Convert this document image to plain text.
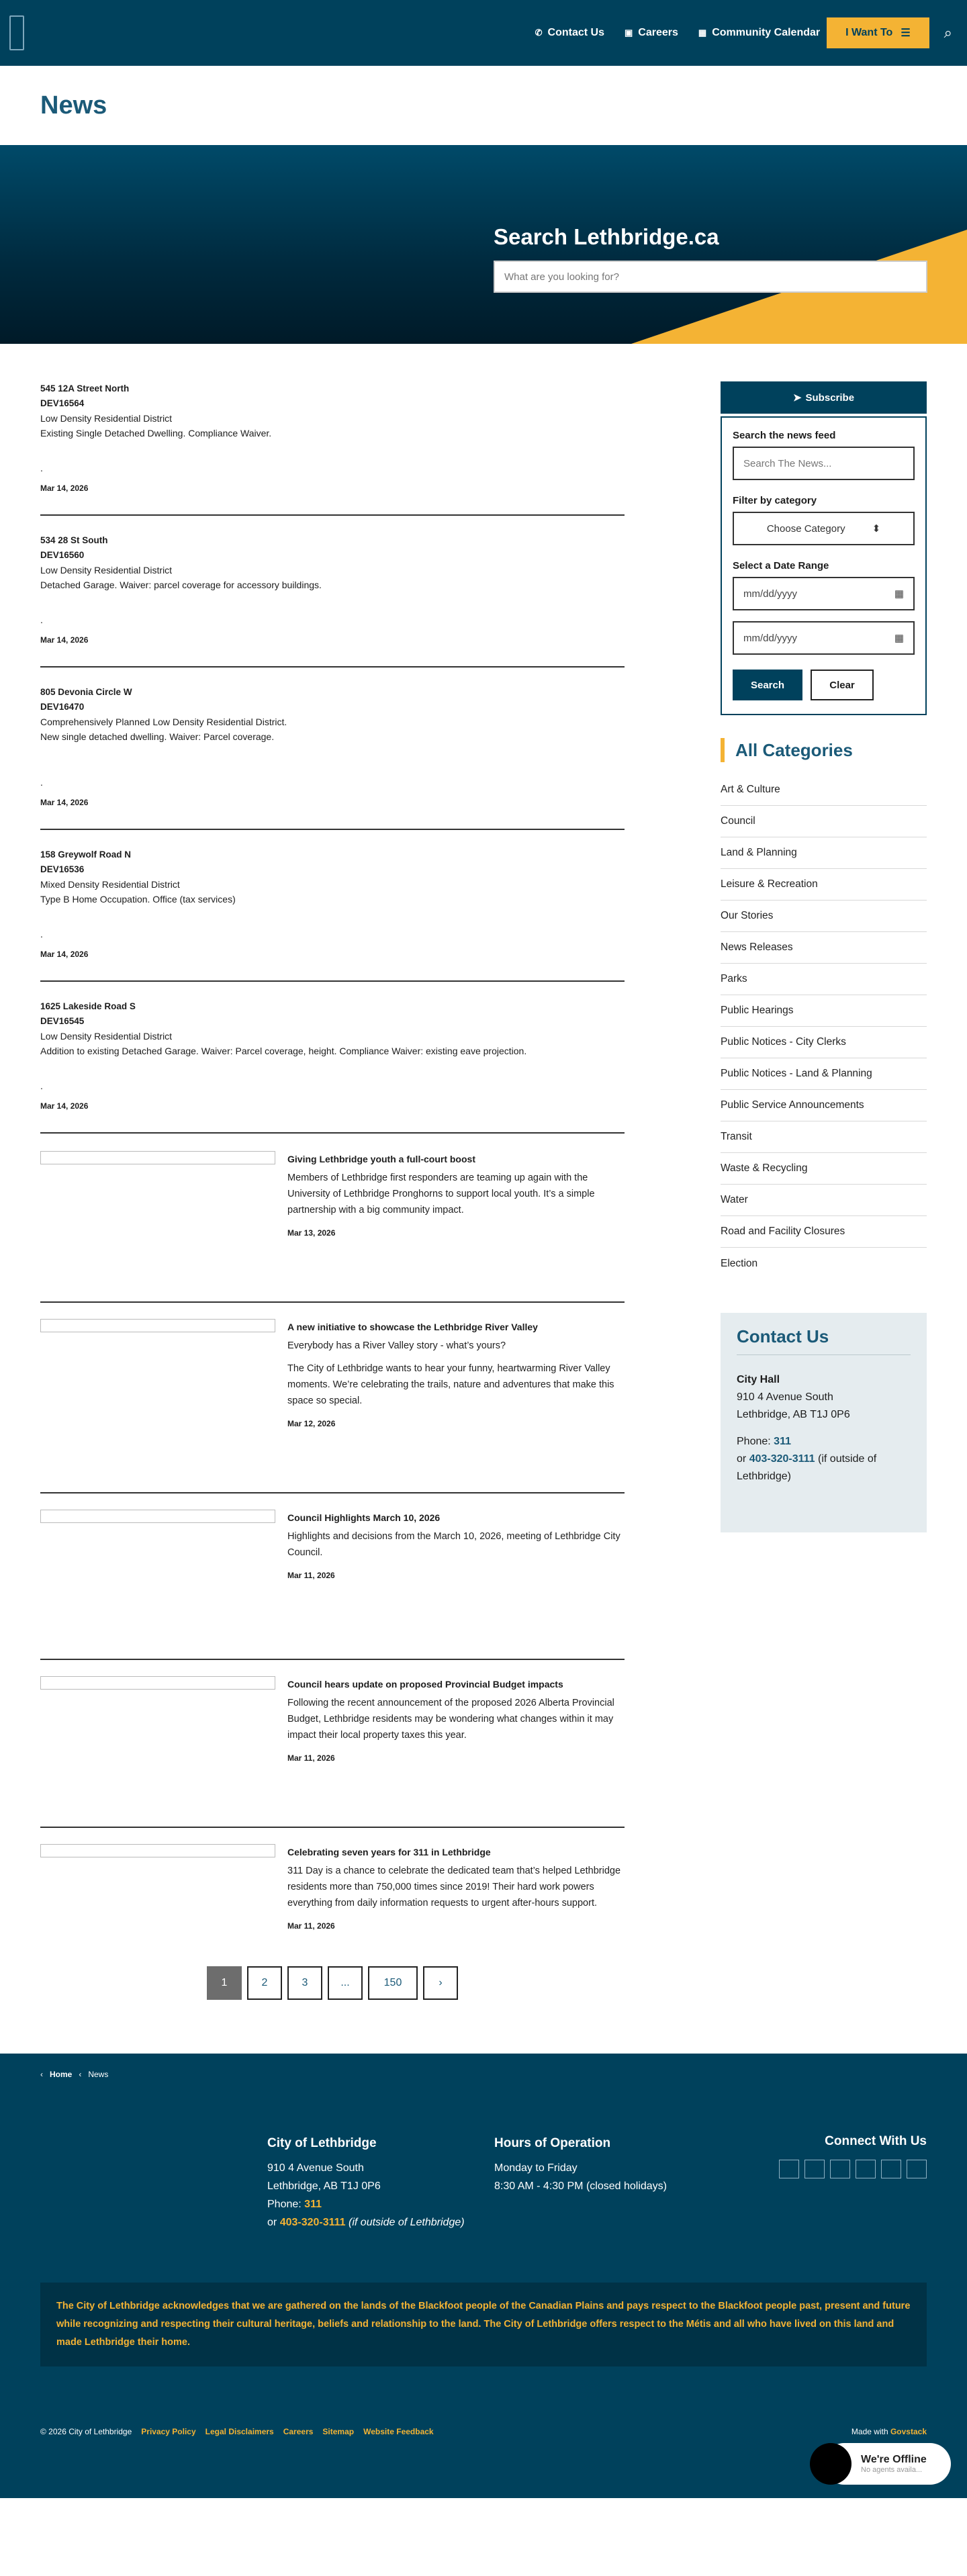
✆ Contact Us ▣ Careers ▦ Community Calendar I Want To ☰ ⌕
News
Search Lethbridge.ca
What are you looking for?
545 12A Street North
DEV16564
Low Density Residential District
Existing Single Detached Dwelling. Compliance Waiver.
.
Mar 14, 2026
534 28 St South
DEV16560
Low Density Residential District
Detached Garage. Waiver: parcel coverage for accessory buildings.
.
Mar 14, 2026
805 Devonia Circle W
DEV16470
Comprehensively Planned Low Density Residential District.
New single detached dwelling. Waiver: Parcel coverage.
.
Mar 14, 2026
158 Greywolf Road N
DEV16536
Mixed Density Residential District
Type B Home Occupation. Office (tax services)
.
Mar 14, 2026
1625 Lakeside Road S
DEV16545
Low Density Residential District
Addition to existing Detached Garage. Waiver: Parcel coverage, height. Compliance Waiver: existing eave projection.
.
Mar 14, 2026
Giving Lethbridge youth a full-court boost
Members of Lethbridge first responders are teaming up again with the University of Lethbridge Pronghorns to support local youth. It’s a simple partnership with a big community impact.
Mar 13, 2026
A new initiative to showcase the Lethbridge River Valley
Everybody has a River Valley story - what’s yours?
The City of Lethbridge wants to hear your funny, heartwarming River Valley moments. We’re celebrating the trails, nature and adventures that make this space so special.
Mar 12, 2026
Council Highlights March 10, 2026
Highlights and decisions from the March 10, 2026, meeting of Lethbridge City Council.
Mar 11, 2026
Council hears update on proposed Provincial Budget impacts
Following the recent announcement of the proposed 2026 Alberta Provincial Budget, Lethbridge residents may be wondering what changes within it may impact their local property taxes this year.
Mar 11, 2026
Celebrating seven years for 311 in Lethbridge
311 Day is a chance to celebrate the dedicated team that’s helped Lethbridge residents more than 750,000 times since 2019! Their hard work powers everything from daily information requests to urgent after-hours support.
Mar 11, 2026
1	2	3	...	150	›
➤ Subscribe
Search the news feed
Search The News...
Filter by category
Choose Category	⬍
Select a Date Range
mm/dd/yyyy	▦
mm/dd/yyyy	▦
Search	Clear
All Categories
Art & Culture
Council
Land & Planning
Leisure & Recreation
Our Stories
News Releases
Parks
Public Hearings
Public Notices - City Clerks
Public Notices - Land & Planning
Public Service Announcements
Transit
Waste & Recycling
Water
Road and Facility Closures
Election
Contact Us
City Hall
910 4 Avenue South
Lethbridge, AB T1J 0P6
Phone: 311
or 403-320-3111 (if outside of Lethbridge)
‹ Home ‹ News
City of Lethbridge
910 4 Avenue South
Lethbridge, AB T1J 0P6
Phone: 311
or 403-320-3111 (if outside of Lethbridge)
Hours of Operation
Monday to Friday
8:30 AM - 4:30 PM (closed holidays)
Connect With Us
The City of Lethbridge acknowledges that we are gathered on the lands of the Blackfoot people of the Canadian Plains and pays respect to the Blackfoot people past, present and future while recognizing and respecting their cultural heritage, beliefs and relationship to the land. The City of Lethbridge offers respect to the Métis and all who have lived on this land and made Lethbridge their home.
© 2026 City of Lethbridge Privacy Policy Legal Disclaimers Careers Sitemap Website Feedback	Made with Govstack
We're Offline
No agents availa...
